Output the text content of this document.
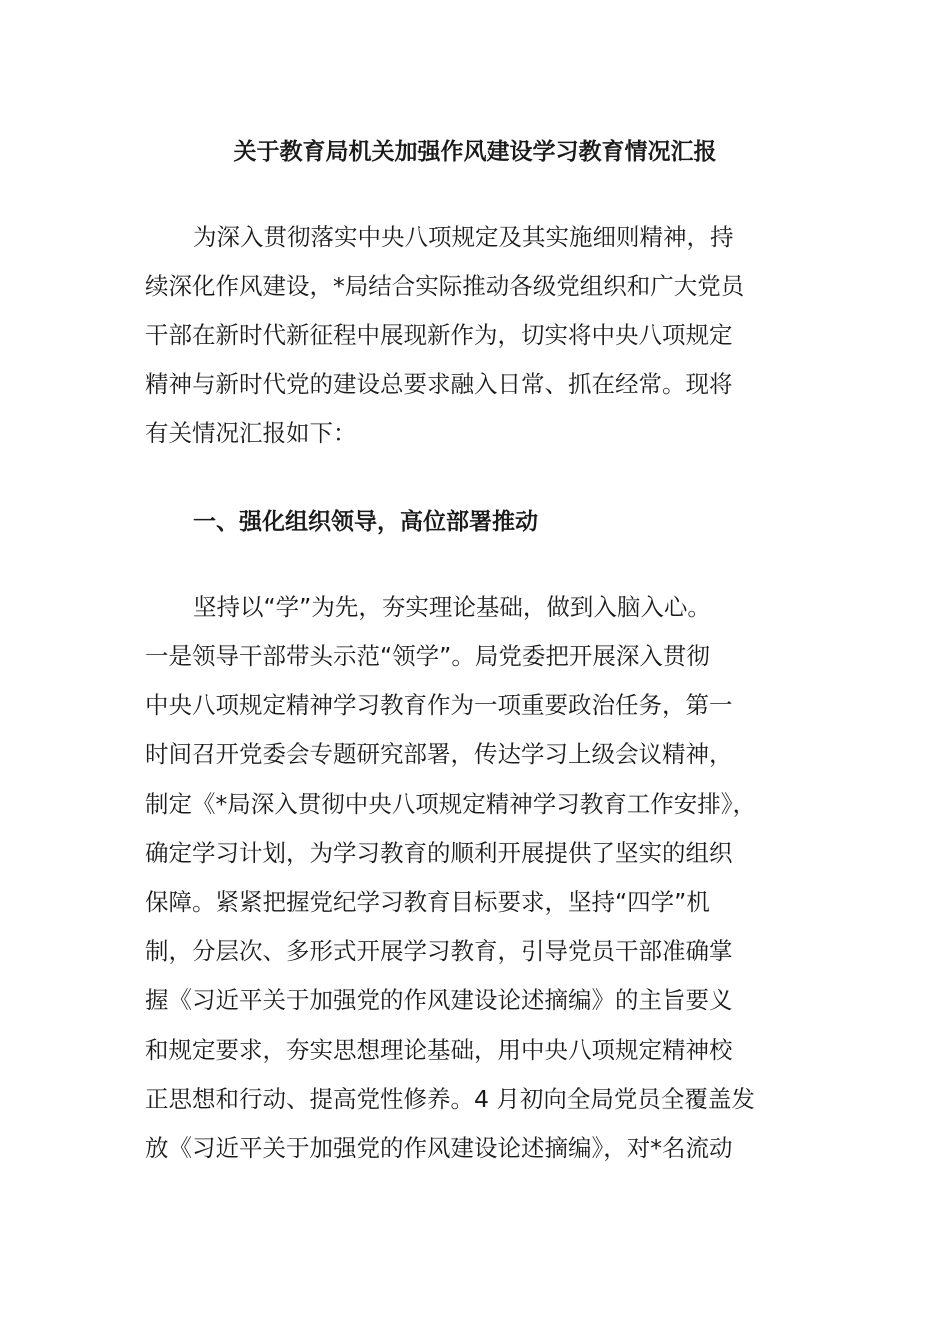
关于教育局机关加强作风建设学习教育情况汇报

为深入贯彻落实中央八项规定及其实施细则精神，持

续深化作风建设，*局结合实际推动各级党组织和广大党员

干部在新时代新征程中展现新作为，切实将中央八项规定

精神与新时代党的建设总要求融入日常、抓在经常。现将

有关情况汇报如下：

一、强化组织领导，高位部署推动

坚持以“学”为先，夯实理论基础，做到入脑入心。

一是领导干部带头示范“领学”。局党委把开展深入贯彻

中央八项规定精神学习教育作为一项重要政治任务，第一

时间召开党委会专题研究部署，传达学习上级会议精神，

制定《*局深入贯彻中央八项规定精神学习教育工作安排》，

确定学习计划，为学习教育的顺利开展提供了坚实的组织

保障。紧紧把握党纪学习教育目标要求，坚持“四学”机

制，分层次、多形式开展学习教育，引导党员干部准确掌

握《习近平关于加强党的作风建设论述摘编》的主旨要义

和规定要求，夯实思想理论基础，用中央八项规定精神校

正思想和行动、提高党性修养。4 月初向全局党员全覆盖发

放《习近平关于加强党的作风建设论述摘编》，对*名流动
